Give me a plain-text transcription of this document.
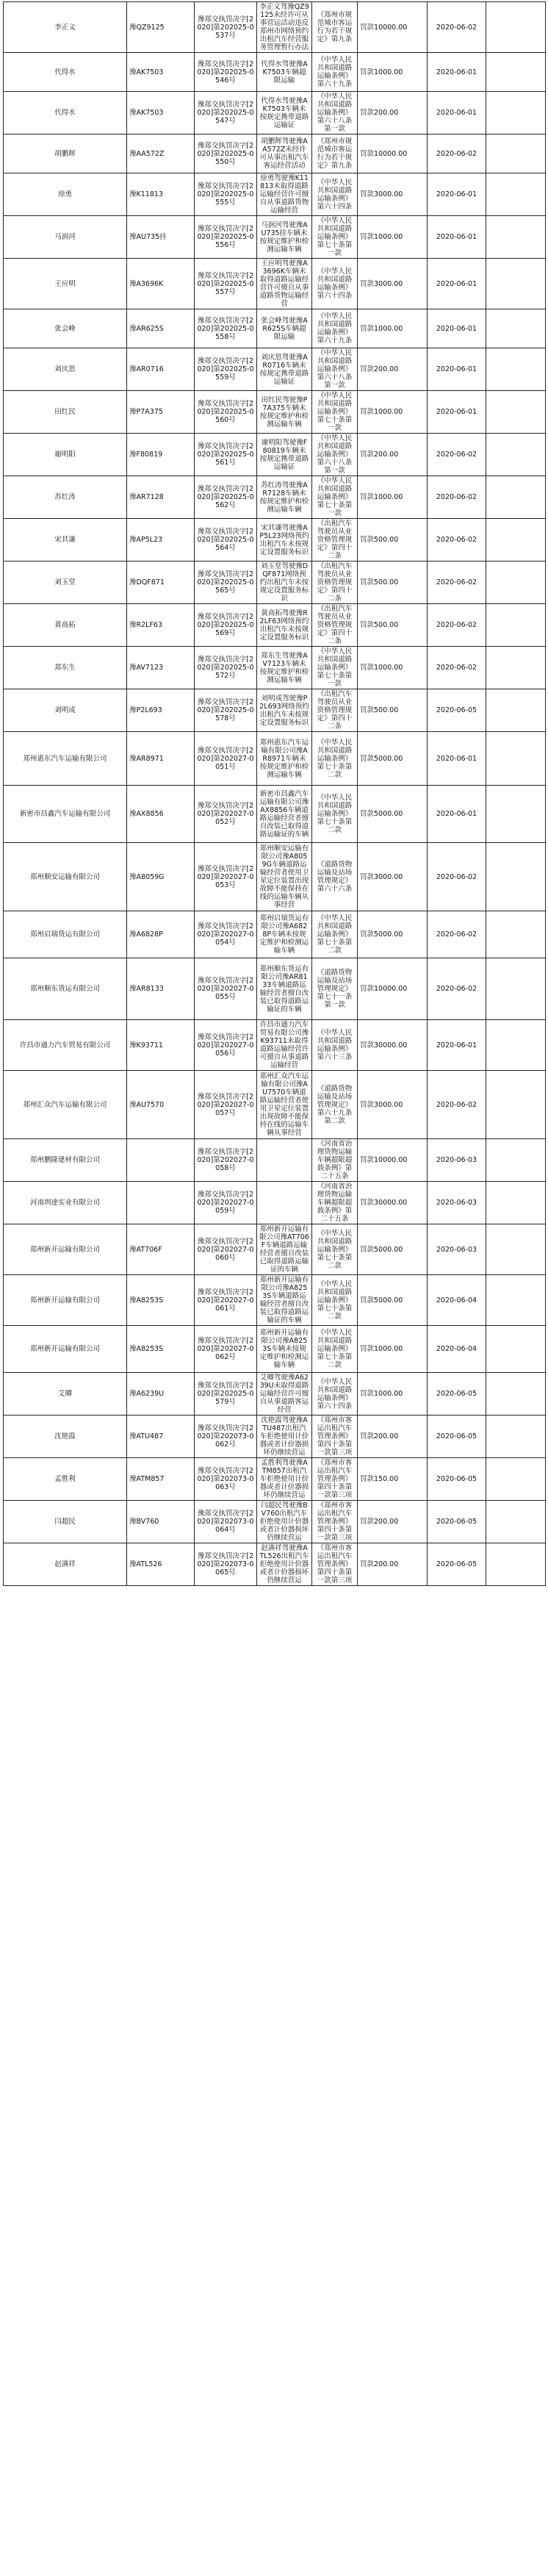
李正义	豫QZ9125	豫郑交执罚决字[2020]第202025-0537号	李正义驾豫QZ9125未经许可从事营运活动违反郑州市网络预约出租汽车经营服务管理暂行办法	《郑州市规范城市客运行为若干规定》第九条	罚款10000.00	2020-06-02	
代得水	豫AK7503	豫郑交执罚决字[2020]第202025-0546号	代得水驾驶豫AK7503车辆超限运输	《中华人民共和国道路运输条例》第六十九条	罚款1000.00	2020-06-01	
代得水	豫AK7503	豫郑交执罚决字[2020]第202025-0547号	代得水驾驶豫AK7503车辆未按规定携带道路运输证	《中华人民共和国道路运输条例》第六十八条第一款	罚款200.00	2020-06-01	
胡鹏辉	豫AA572Z	豫郑交执罚决字[2020]第202025-0550号	胡鹏辉驾驶豫AA572Z未经许可从事出租汽车客运经营活动	《郑州市规范城市客运行为若干规定》第九条	罚款10000.00	2020-06-02	
徐勇	豫K11813	豫郑交执罚决字[2020]第202025-0555号	徐勇驾驶豫K11813未取得道路运输经营许可擅自从事道路货物运输经营	《中华人民共和国道路运输条例》第六十四条	罚款3000.00	2020-06-01	
马润河	豫AU735挂	豫郑交执罚决字[2020]第202025-0556号	马润河驾驶豫AU735挂车辆未按规定维护和检测运输车辆	《中华人民共和国道路运输条例》第七十条第一款	罚款1000.00	2020-06-01	
王应明	豫A3696K	豫郑交执罚决字[2020]第202025-0557号	王应明驾驶豫A3696K车辆未取得道路运输经营许可擅自从事道路货物运输经营	《中华人民共和国道路运输条例》第六十四条	罚款3000.00	2020-06-01	
张会峰	豫AR625S	豫郑交执罚决字[2020]第202025-0558号	张会峰驾驶豫AR625S车辆超限运输	《中华人民共和国道路运输条例》第六十九条	罚款1000.00	2020-06-01	
刘庆思	豫AR0716	豫郑交执罚决字[2020]第202025-0559号	刘庆思驾驶豫AR0716车辆未按规定携带道路运输证	《中华人民共和国道路运输条例》第六十八条第一款	罚款200.00	2020-06-01	
田红民	豫P7A375	豫郑交执罚决字[2020]第202025-0560号	田红民驾驶豫P7A375车辆未按规定维护和检测运输车辆	《中华人民共和国道路运输条例》第七十条第一款	罚款1000.00	2020-06-01	
谢明阳	豫F80819	豫郑交执罚决字[2020]第202025-0561号	谢明阳驾驶豫F80819车辆未按规定携带道路运输证	《中华人民共和国道路运输条例》第六十八条第一款	罚款200.00	2020-06-02	
苏红涛	豫AR7128	豫郑交执罚决字[2020]第202025-0562号	苏红涛驾驶豫AR7128车辆未按规定维护和检测运输车辆	《中华人民共和国道路运输条例》第七十条第一款	罚款1000.00	2020-06-02	
宋其谦	豫AP5L23	豫郑交执罚决字[2020]第202025-0564号	宋其谦驾驶豫AP5L23网络预约出租汽车未按规定设置服务标识	《出租汽车驾驶员从业资格管理规定》第四十二条	罚款500.00	2020-06-02	
刘玉堂	豫DQF871	豫郑交执罚决字[2020]第202025-0565号	刘玉堂驾驶豫DQF871网络预约出租汽车未按规定设置服务标识	《出租汽车驾驶员从业资格管理规定》第四十二条	罚款500.00	2020-06-02	
黄高拓	豫R2LF63	豫郑交执罚决字[2020]第202025-0569号	黄高拓驾驶豫R2LF63网络预约出租汽车未按规定设置服务标识	《出租汽车驾驶员从业资格管理规定》第四十二条	罚款500.00	2020-06-02	
郑东生	豫AV7123	豫郑交执罚决字[2020]第202025-0572号	郑东生驾驶豫AV7123车辆未按规定维护和检测运输车辆	《中华人民共和国道路运输条例》第七十条第一款	罚款1000.00	2020-06-02	
刘明成	豫P2L693	豫郑交执罚决字[2020]第202025-0578号	刘明成驾驶豫P2L693网络预约出租汽车未按规定设置服务标识	《出租汽车驾驶员从业资格管理规定》第四十二条	罚款500.00	2020-06-05	
郑州惠东汽车运输有限公司	豫AR8971	豫郑交执罚决字[2020]第202027-0051号	郑州惠东汽车运输有限公司豫AR8971车辆未按规定维护和检测运输车辆	《中华人民共和国道路运输条例》第七十条第二款	罚款5000.00	2020-06-01	
新密市昌鑫汽车运输有限公司	豫AX8856	豫郑交执罚决字[2020]第202027-0052号	新密市昌鑫汽车运输有限公司豫AX8856车辆道路运输经营者擅自改装已取得道路运输证的车辆	《中华人民共和国道路运输条例》第七十条第二款	罚款5000.00	2020-06-01	
郑州顺安运输有限公司	豫A8059G	豫郑交执罚决字[2020]第202027-0053号	郑州顺安运输有限公司豫A8059G车辆道路运输经营者使用卫星定位装置出现故障不能保持在线的运输车辆从事经营	《道路货物运输及站场管理规定》第六十六条	罚款3000.00	2020-06-02	
郑州启瑞货运有限公司	豫A6828P	豫郑交执罚决字[2020]第202027-0054号	郑州启瑞货运有限公司豫A6828P车辆未按规定维护和检测运输车辆	《中华人民共和国道路运输条例》第七十条第二款	罚款5000.00	2020-06-02	
郑州顺东货运有限公司	豫AR8133	豫郑交执罚决字[2020]第202027-0055号	郑州顺东货运有限公司豫AR8133车辆道路运输经营者擅自改装已取得道路运输证的车辆	《道路货物运输及站场管理规定》第七十一条第一款	罚款10000.00	2020-06-02	
许昌市通力汽车贸易有限公司	豫K93711	豫郑交执罚决字[2020]第202027-0056号	许昌市通力汽车贸易有限公司豫K93711未取得道路运输经营许可擅自从事道路运输经营	《中华人民共和国道路运输条例》第六十三条	罚款30000.00	2020-06-01	
郑州汇众汽车运输有限公司	豫AU7570	豫郑交执罚决字[2020]第202027-0057号	郑州汇众汽车运输有限公司豫AU7570车辆道路运输经营者使用卫星定位装置出现故障不能保持在线的运输车辆从事经营	《道路货物运输及站场管理规定》第六十九条第二款	罚款3000.00	2020-06-02	
郑州鹏隆建材有限公司		豫郑交执罚决字[2020]第202027-0058号		《河南省治理货物运输车辆超限超载条例》第二十五条	罚款10000.00	2020-06-03	
河南圳達实业有限公司		豫郑交执罚决字[2020]第202027-0059号		《河南省治理货物运输车辆超限超载条例》第二十五条	罚款30000.00	2020-06-03	
郑州新开运输有限公司	豫AT706F	豫郑交执罚决字[2020]第202027-0060号	郑州新开运输有限公司豫AT706F车辆道路运输经营者擅自改装已取得道路运输证的车辆	《中华人民共和国道路运输条例》第七十条第二款	罚款5000.00	2020-06-03	
郑州新开运输有限公司	豫A8253S	豫郑交执罚决字[2020]第202027-0061号	郑州新开运输有限公司豫A8253S车辆道路运输经营者擅自改装已取得道路运输证的车辆	《中华人民共和国道路运输条例》第七十条第二款	罚款5000.00	2020-06-04	
郑州新开运输有限公司	豫A8253S	豫郑交执罚决字[2020]第202027-0062号	郑州新开运输有限公司豫A8253S车辆未按规定维护和检测运输车辆	《中华人民共和国道路运输条例》第七十条第二款	罚款1000.00	2020-06-04	
艾卿	豫A6239U	豫郑交执罚决字[2020]第202025-0579号	艾卿驾驶豫A6239U未取得道路运输经营许可擅自从事道路客运经营	《中华人民共和国道路运输条例》第六十四条	罚款1000.00	2020-06-05	
沈艳霞	豫ATU487	豫郑交执罚决字[2020]第202073-0062号	沈艳霞驾驶豫ATU487出租汽车拒绝使用计价器或者计价器损坏仍继续营运	《郑州市客运出租汽车管理条例》第四十条第一款第三项	罚款200.00	2020-06-05	
孟胜利	豫ATM857	豫郑交执罚决字[2020]第202073-0063号	孟胜利驾驶豫ATM857出租汽车拒绝使用计价器或者计价器损坏仍继续营运	《郑州市客运出租汽车管理条例》第四十条第一款第三项	罚款150.00	2020-06-05	
闫超民	豫BV760	豫郑交执罚决字[2020]第202073-0064号	闫超民驾驶豫BV760出租汽车拒绝使用计价器或者计价器损坏仍继续营运	《郑州市客运出租汽车管理条例》第四十条第一款第三项	罚款200.00	2020-06-05	
赵满祥	豫ATL526	豫郑交执罚决字[2020]第202073-0065号	赵满祥驾驶豫ATL526出租汽车拒绝使用计价器或者计价器损坏仍继续营运	《郑州市客运出租汽车管理条例》第四十条第一款第三项	罚款200.00	2020-06-05	
